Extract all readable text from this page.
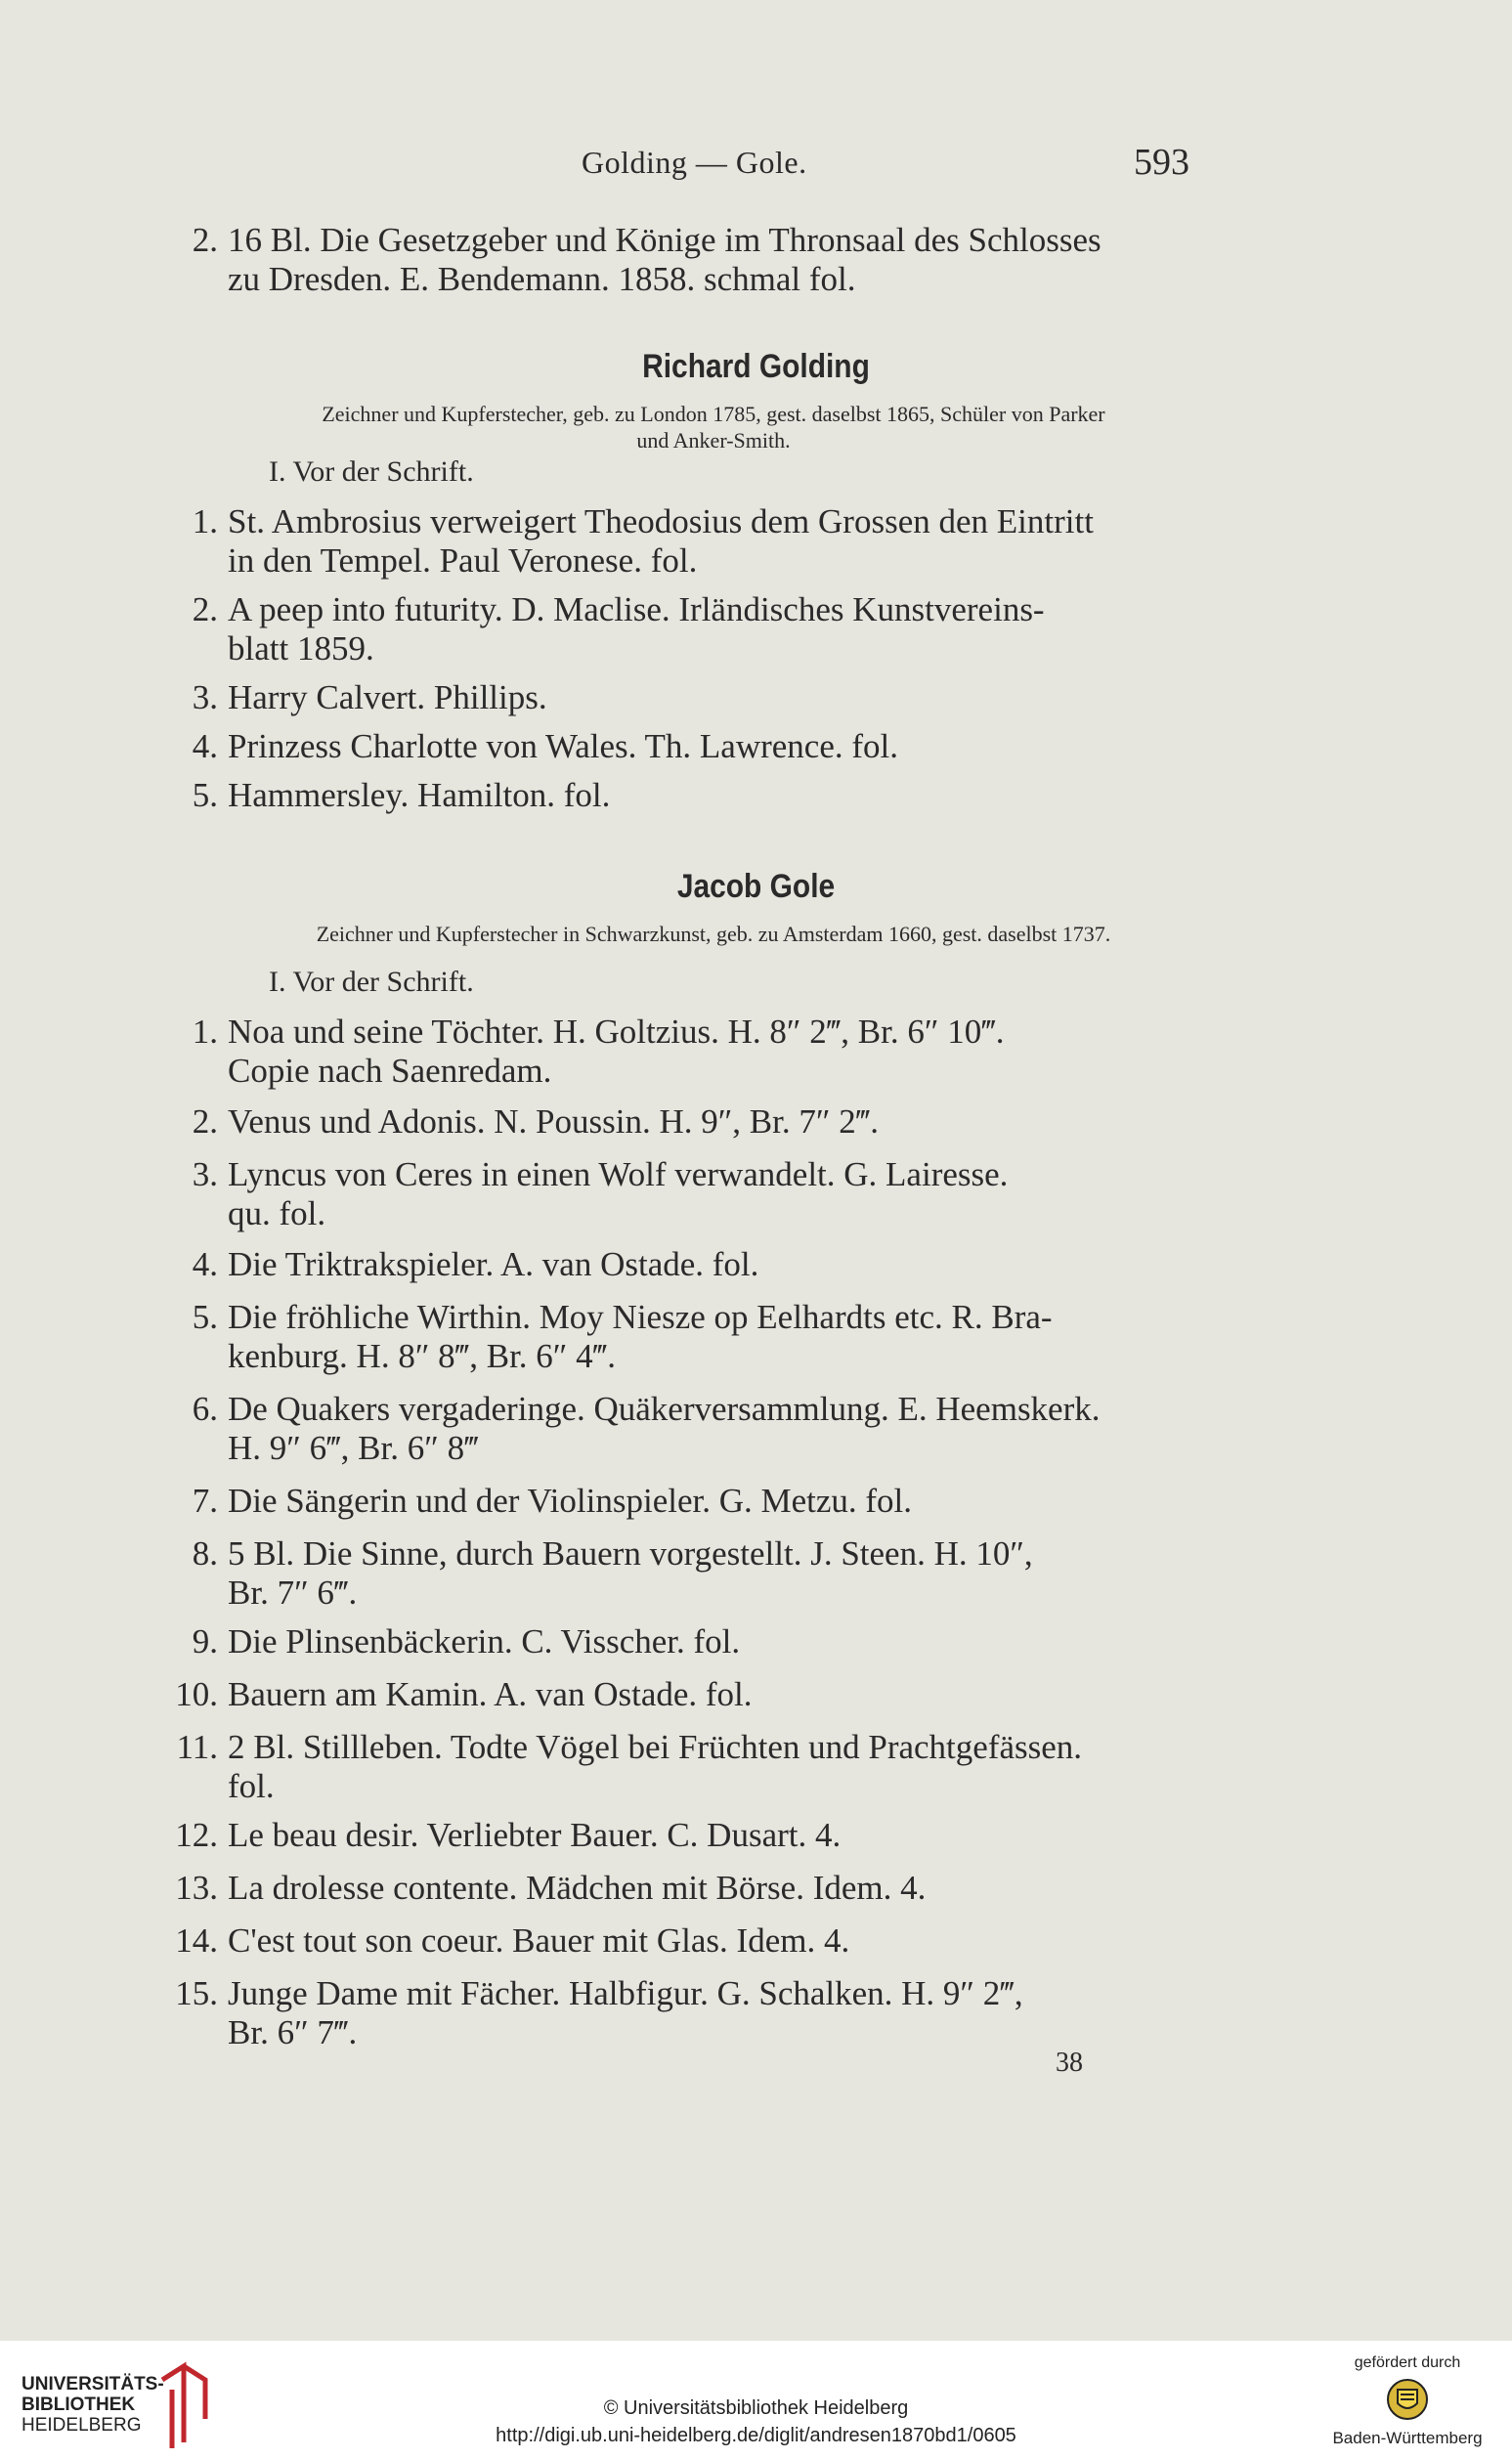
Golding — Gole.	593
2. 16 Bl. Die Gesetzgeber und Könige im Thronsaal des Schlosses
zu Dresden. E. Bendemann. 1858. schmal fol.
Richard Golding
Zeichner und Kupferstecher, geb. zu London 1785, gest. daselbst 1865, Schüler von Parker
und Anker-Smith.
I. Vor der Schrift.
1. St. Ambrosius verweigert Theodosius dem Grossen den Eintritt
in den Tempel. Paul Veronese. fol.
2. A peep into futurity. D. Maclise. Irländisches Kunstvereins-
blatt 1859.
3. Harry Calvert. Phillips.
4. Prinzess Charlotte von Wales. Th. Lawrence. fol.
5. Hammersley. Hamilton. fol.
Jacob Gole
Zeichner und Kupferstecher in Schwarzkunst, geb. zu Amsterdam 1660, gest. daselbst 1737.
I. Vor der Schrift.
1. Noa und seine Töchter. H. Goltzius. H. 8″ 2‴, Br. 6″ 10‴.
Copie nach Saenredam.
2. Venus und Adonis. N. Poussin. H. 9″, Br. 7″ 2‴.
3. Lyncus von Ceres in einen Wolf verwandelt. G. Lairesse.
qu. fol.
4. Die Triktrakspieler. A. van Ostade. fol.
5. Die fröhliche Wirthin. Moy Niesze op Eelhardts etc. R. Bra-
kenburg. H. 8″ 8‴, Br. 6″ 4‴.
6. De Quakers vergaderinge. Quäkerversammlung. E. Heemskerk.
H. 9″ 6‴, Br. 6″ 8‴
7. Die Sängerin und der Violinspieler. G. Metzu. fol.
8. 5 Bl. Die Sinne, durch Bauern vorgestellt. J. Steen. H. 10″,
Br. 7″ 6‴.
9. Die Plinsenbäckerin. C. Visscher. fol.
10. Bauern am Kamin. A. van Ostade. fol.
11. 2 Bl. Stillleben. Todte Vögel bei Früchten und Prachtgefässen.
fol.
12. Le beau desir. Verliebter Bauer. C. Dusart. 4.
13. La drolesse contente. Mädchen mit Börse. Idem. 4.
14. C'est tout son coeur. Bauer mit Glas. Idem. 4.
15. Junge Dame mit Fächer. Halbfigur. G. Schalken. H. 9″ 2‴,
Br. 6″ 7‴.
38
UNIVERSITÄTS-
BIBLIOTHEK
HEIDELBERG
© Universitätsbibliothek Heidelberg
http://digi.ub.uni-heidelberg.de/diglit/andresen1870bd1/0605
gefördert durch
Baden-Württemberg
